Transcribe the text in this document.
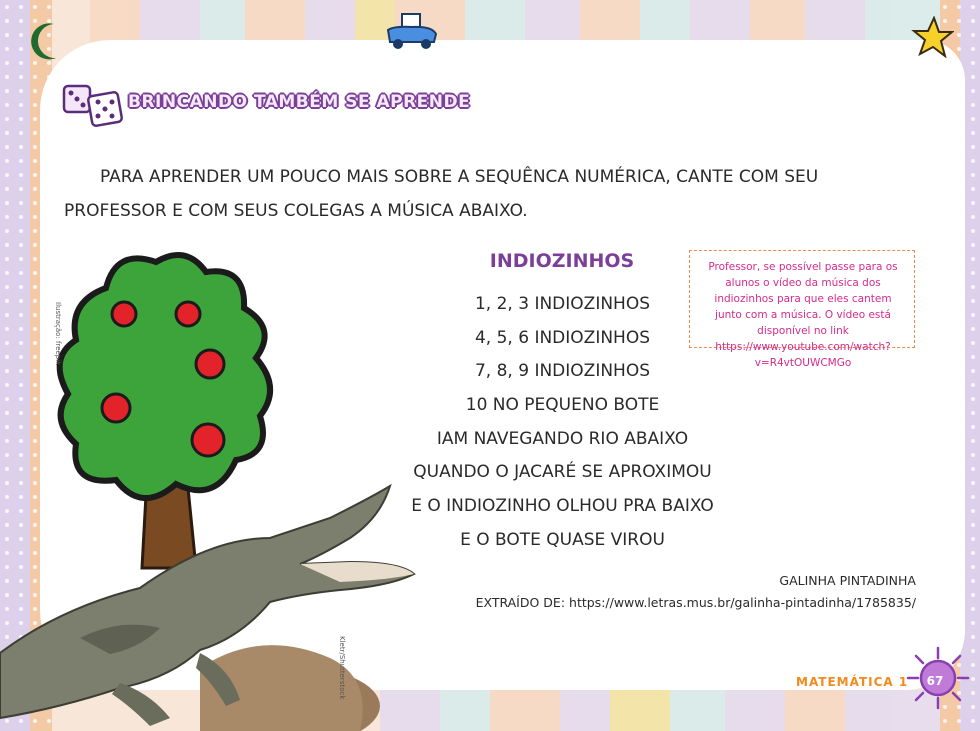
BRINCANDO TAMBÉM SE APRENDE

PARA APRENDER UM POUCO MAIS SOBRE A SEQUÊNCA NUMÉRICA, CANTE COM SEU PROFESSOR E COM SEUS COLEGAS A MÚSICA ABAIXO.

Ilustração: freepik
Kletr/Shutterstock
INDIOZINHOS
1, 2, 3 INDIOZINHOS
4, 5, 6 INDIOZINHOS
7, 8, 9 INDIOZINHOS
10 NO PEQUENO BOTE
IAM NAVEGANDO RIO ABAIXO
QUANDO O JACARÉ SE APROXIMOU
E O INDIOZINHO OLHOU PRA BAIXO
E O BOTE QUASE VIROU
Professor, se possível passe para os alunos o vídeo da música dos indiozinhos para que eles cantem junto com a música. O vídeo está disponível no link https://www.youtube.com/watch?v=R4vtOUWCMGo
GALINHA PINTADINHA
EXTRAÍDO DE: https://www.letras.mus.br/galinha-pintadinha/1785835/
MATEMÁTICA 1	67
